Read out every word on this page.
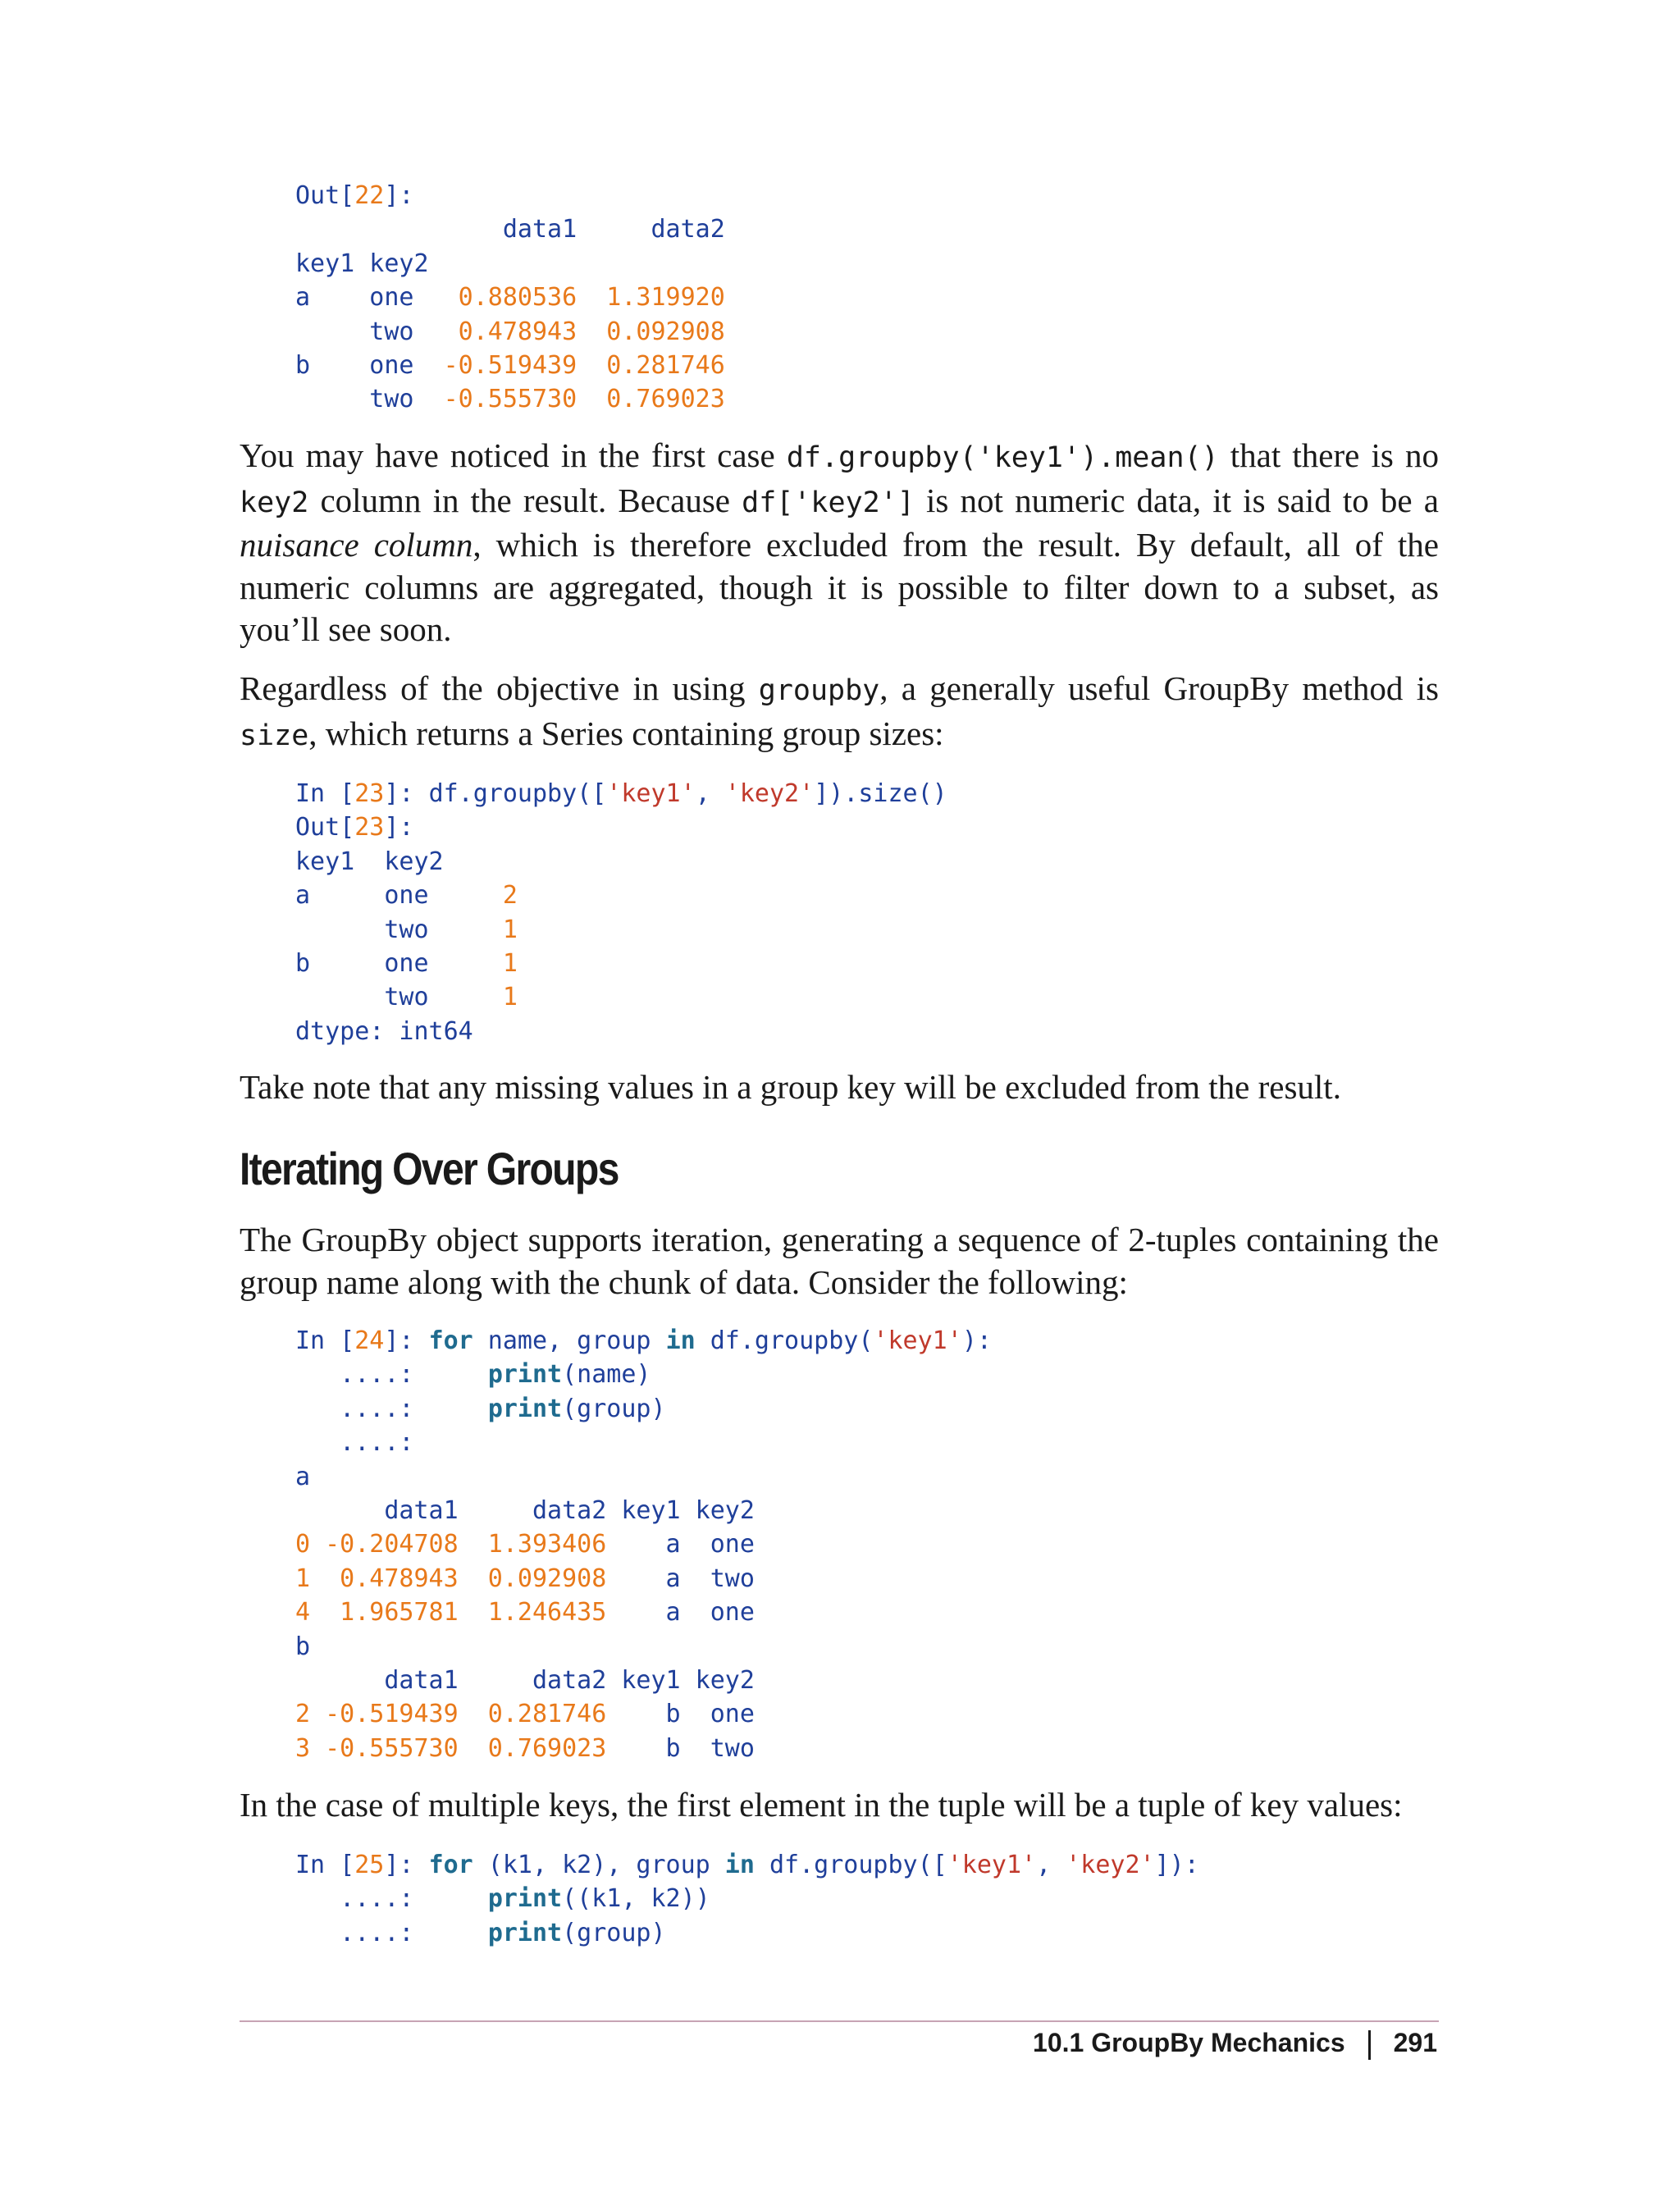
Out[22]:
data1     data2
key1 key2
a    one   0.880536  1.319920
two   0.478943  0.092908
b    one  -0.519439  0.281746
two  -0.555730  0.769023

You may have noticed in the first case df.groupby('key1').mean() that there is no key2 column in the result. Because df['key2'] is not numeric data, it is said to be a nuisance column, which is therefore excluded from the result. By default, all of the numeric columns are aggregated, though it is possible to filter down to a subset, as you’ll see soon.

Regardless of the objective in using groupby, a generally useful GroupBy method is size, which returns a Series containing group sizes:

In [23]: df.groupby(['key1', 'key2']).size()
Out[23]:
key1  key2
a     one     2
two     1
b     one     1
two     1
dtype: int64

Take note that any missing values in a group key will be excluded from the result.

Iterating Over Groups

The GroupBy object supports iteration, generating a sequence of 2-tuples containing the group name along with the chunk of data. Consider the following:

In [24]: for name, group in df.groupby('key1'):
....:     print(name)
....:     print(group)
....:
a
data1     data2 key1 key2
0 -0.204708  1.393406    a  one
1  0.478943  0.092908    a  two
4  1.965781  1.246435    a  one
b
data1     data2 key1 key2
2 -0.519439  0.281746    b  one
3 -0.555730  0.769023    b  two

In the case of multiple keys, the first element in the tuple will be a tuple of key values:

In [25]: for (k1, k2), group in df.groupby(['key1', 'key2']):
....:     print((k1, k2))
....:     print(group)
10.1 GroupBy Mechanics 291
